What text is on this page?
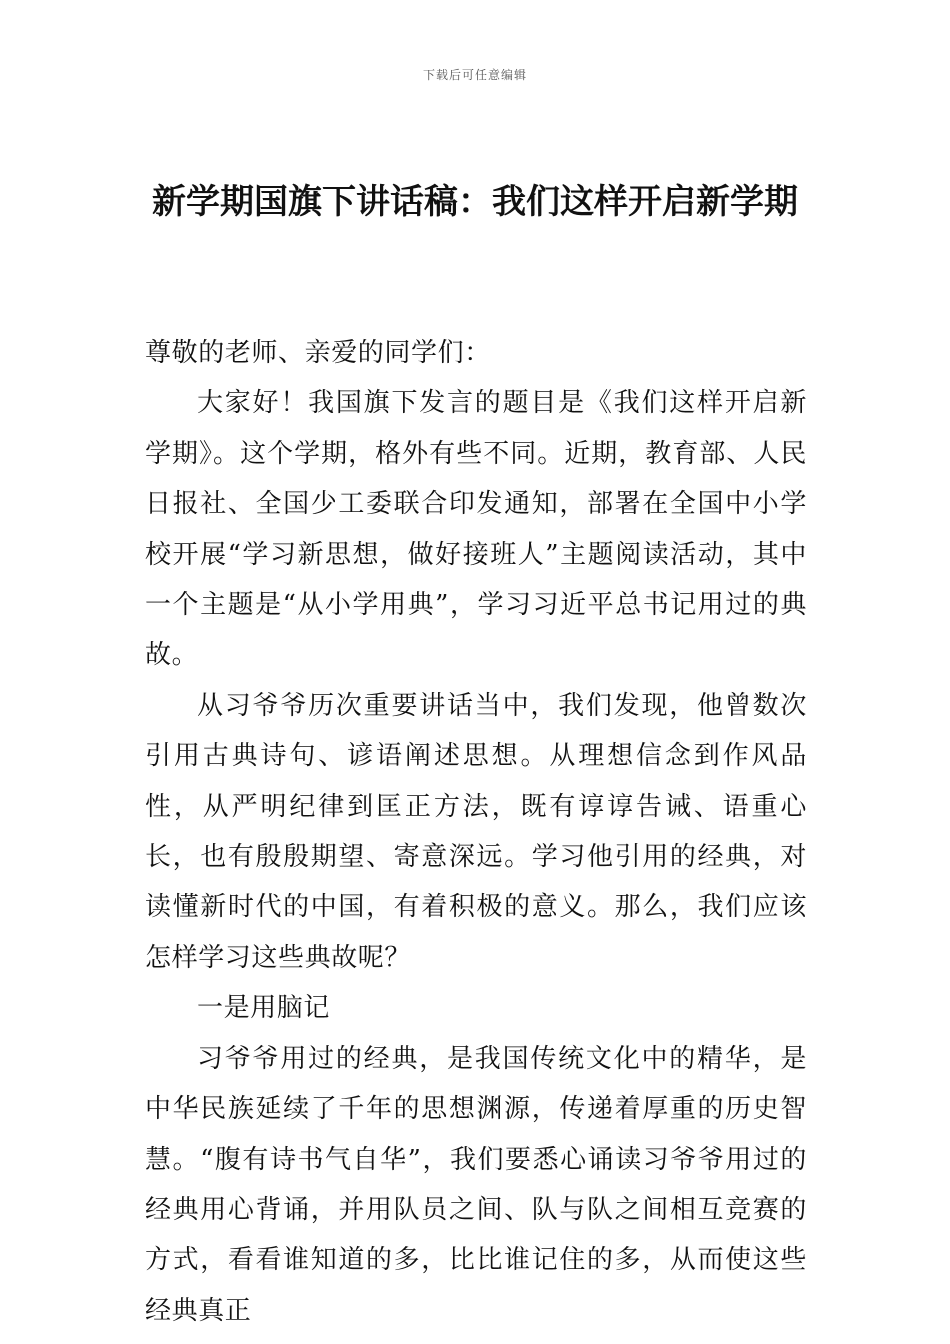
下载后可任意编辑
新学期国旗下讲话稿：我们这样开启新学期

尊敬的老师、亲爱的同学们：

大家好！我国旗下发言的题目是《我们这样开启新学期》。这个学期，格外有些不同。近期，教育部、人民日报社、全国少工委联合印发通知，部署在全国中小学校开展“学习新思想，做好接班人”主题阅读活动，其中一个主题是“从小学用典”，学习习近平总书记用过的典故。

从习爷爷历次重要讲话当中，我们发现，他曾数次引用古典诗句、谚语阐述思想。从理想信念到作风品性，从严明纪律到匡正方法，既有谆谆告诫、语重心长，也有殷殷期望、寄意深远。学习他引用的经典，对读懂新时代的中国，有着积极的意义。那么，我们应该怎样学习这些典故呢？

一是用脑记

习爷爷用过的经典，是我国传统文化中的精华，是中华民族延续了千年的思想渊源，传递着厚重的历史智慧。“腹有诗书气自华”，我们要悉心诵读习爷爷用过的经典用心背诵，并用队员之间、队与队之间相互竞赛的方式，看看谁知道的多，比比谁记住的多，从而使这些经典真正
